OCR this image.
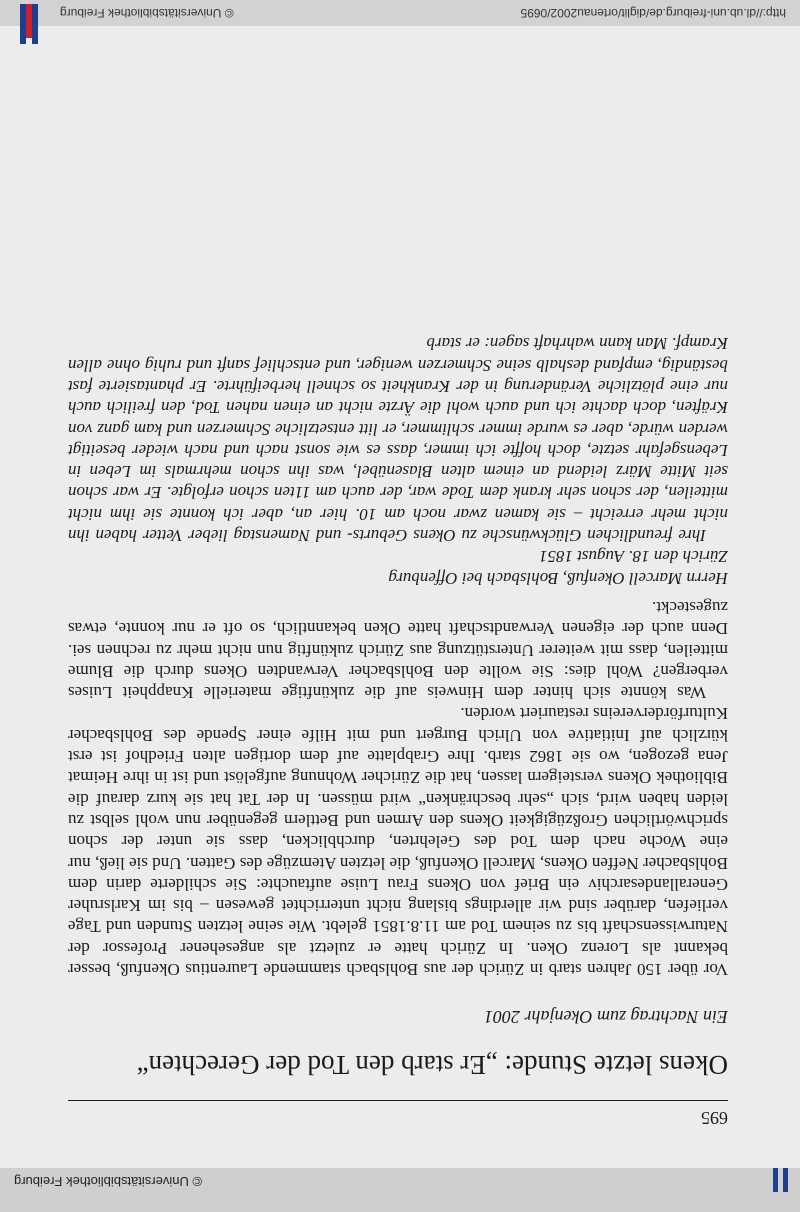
http://dl.ub.uni-freiburg.de/diglit/ortenau2002/0695
© Universitätsbibliothek Freiburg
© Universitätsbibliothek Freiburg
695
Okens letzte Stunde: „Er starb den Tod der Gerechten“
Ein Nachtrag zum Okenjahr 2001

Vor über 150 Jahren starb in Zürich der aus Bohlsbach stammende Laurentius Okenfuß, besser bekannt als Lorenz Oken. In Zürich hatte er zuletzt als angesehener Professor der Naturwissenschaft bis zu seinem Tod am 11.8.1851 gelebt. Wie seine letzten Stunden und Tage verliefen, darüber sind wir allerdings bislang nicht unterrichtet gewesen – bis im Karlsruher Generallandesarchiv ein Brief von Okens Frau Luise auftauchte: Sie schilderte darin dem Bohlsbacher Neffen Okens, Marcell Okenfuß, die letzten Atemzüge des Gatten. Und sie ließ, nur eine Woche nach dem Tod des Gelehrten, durchblicken, dass sie unter der schon sprichwörtlichen Großzügigkeit Okens den Armen und Bettlern gegenüber nun wohl selbst zu leiden haben wird, sich „sehr beschränken“ wird müssen. In der Tat hat sie kurz darauf die Bibliothek Okens versteigern lassen, hat die Züricher Wohnung aufgelöst und ist in ihre Heimat Jena gezogen, wo sie 1862 starb. Ihre Grabplatte auf dem dortigen alten Friedhof ist erst kürzlich auf Initiative von Ulrich Burgert und mit Hilfe einer Spende des Bohlsbacher Kulturfördervereins restauriert worden.

Was könnte sich hinter dem Hinweis auf die zukünftige materielle Knappheit Luises verbergen? Wohl dies: Sie wollte den Bohlsbacher Verwandten Okens durch die Blume mitteilen, dass mit weiterer Unterstützung aus Zürich zukünftig nun nicht mehr zu rechnen sei. Denn auch der eigenen Verwandtschaft hatte Oken bekanntlich, so oft er nur konnte, etwas zugesteckt.

Herrn Marcell Okenfuß, Bohlsbach bei Offenburg

Zürich den 18. August 1851

Ihre freundlichen Glückwünsche zu Okens Geburts- und Namenstag lieber Vetter haben ihn nicht mehr erreicht – sie kamen zwar noch am 10. hier an, aber ich konnte sie ihm nicht mitteilen, der schon sehr krank dem Tode war, der auch am 11ten schon erfolgte. Er war schon seit Mitte März leidend an einem alten Blasenübel, was ihn schon mehrmals im Leben in Lebensgefahr setzte, doch hoffte ich immer, dass es wie sonst nach und nach wieder beseitigt werden würde, aber es wurde immer schlimmer, er litt entsetzliche Schmerzen und kam ganz von Kräften, doch dachte ich und auch wohl die Ärzte nicht an einen nahen Tod, den freilich auch nur eine plötzliche Veränderung in der Krankheit so schnell herbeiführte. Er phantasierte fast beständig, empfand deshalb seine Schmerzen weniger, und entschlief sanft und ruhig ohne allen Krampf. Man kann wahrhaft sagen: er starb
